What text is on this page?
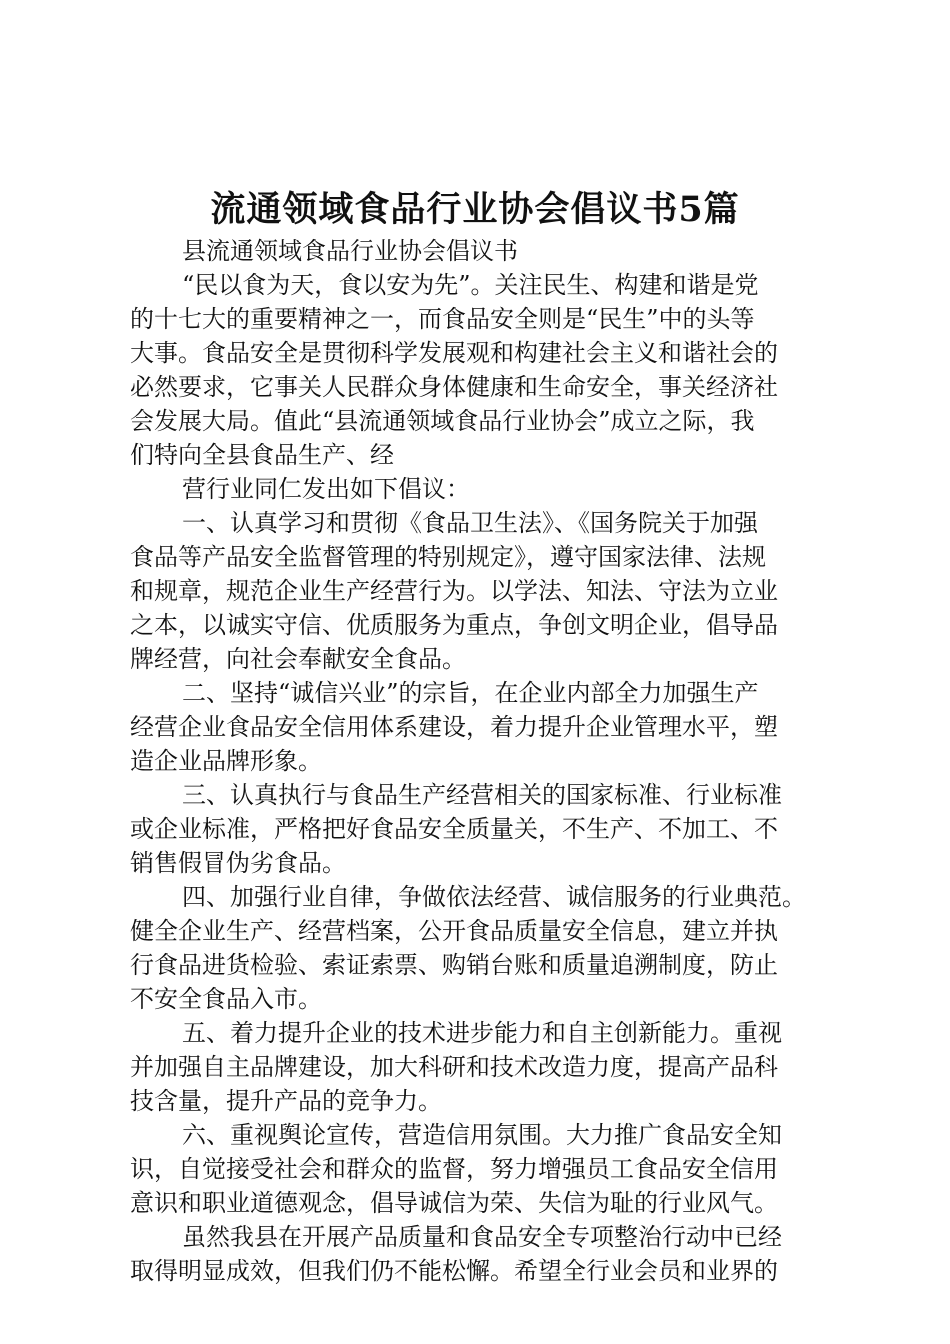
流通领域食品行业协会倡议书5篇
县流通领域食品行业协会倡议书
“民以食为天，食以安为先”。关注民生、构建和谐是党
的十七大的重要精神之一，而食品安全则是“民生”中的头等
大事。食品安全是贯彻科学发展观和构建社会主义和谐社会的
必然要求，它事关人民群众身体健康和生命安全，事关经济社
会发展大局。值此“县流通领域食品行业协会”成立之际，我
们特向全县食品生产、经
营行业同仁发出如下倡议：
一、认真学习和贯彻《食品卫生法》、《国务院关于加强
食品等产品安全监督管理的特别规定》，遵守国家法律、法规
和规章，规范企业生产经营行为。以学法、知法、守法为立业
之本，以诚实守信、优质服务为重点，争创文明企业，倡导品
牌经营，向社会奉献安全食品。
二、坚持“诚信兴业”的宗旨，在企业内部全力加强生产
经营企业食品安全信用体系建设，着力提升企业管理水平，塑
造企业品牌形象。
三、认真执行与食品生产经营相关的国家标准、行业标准
或企业标准，严格把好食品安全质量关，不生产、不加工、不
销售假冒伪劣食品。
四、加强行业自律，争做依法经营、诚信服务的行业典范。
健全企业生产、经营档案，公开食品质量安全信息，建立并执
行食品进货检验、索证索票、购销台账和质量追溯制度，防止
不安全食品入市。
五、着力提升企业的技术进步能力和自主创新能力。重视
并加强自主品牌建设，加大科研和技术改造力度，提高产品科
技含量，提升产品的竞争力。
六、重视舆论宣传，营造信用氛围。大力推广食品安全知
识，自觉接受社会和群众的监督，努力增强员工食品安全信用
意识和职业道德观念，倡导诚信为荣、失信为耻的行业风气。
虽然我县在开展产品质量和食品安全专项整治行动中已经
取得明显成效，但我们仍不能松懈。希望全行业会员和业界的
